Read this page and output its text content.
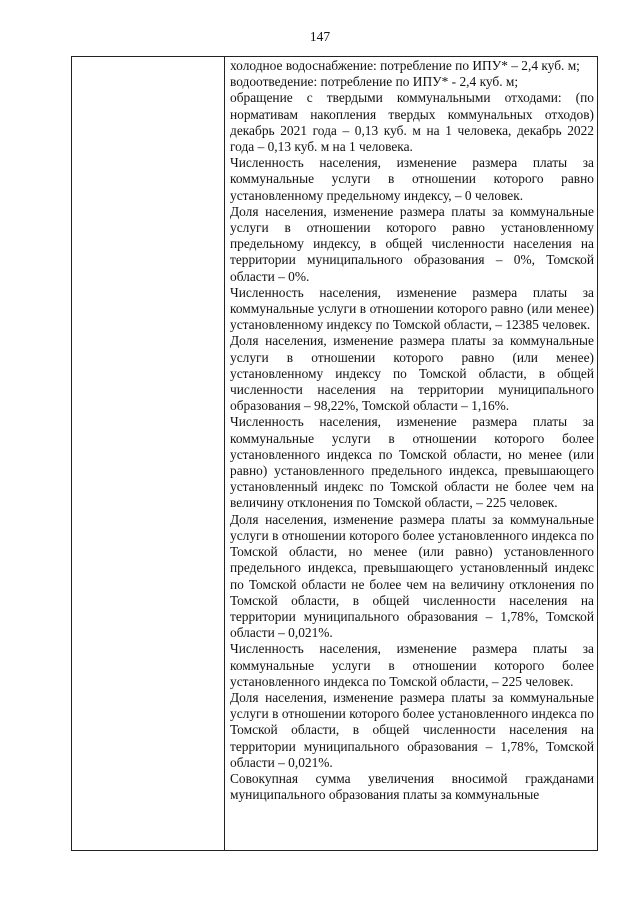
147

холодное водоснабжение: потребление по ИПУ* – 2,4 куб. м;

водоотведение: потребление по ИПУ* - 2,4 куб. м;

обращение с твердыми коммунальными отходами: (по нормативам накопления твердых коммунальных отходов) декабрь 2021 года – 0,13 куб. м на 1 человека, декабрь 2022 года – 0,13 куб. м на 1 человека.

Численность населения, изменение размера платы за коммунальные услуги в отношении которого равно установленному предельному индексу, – 0 человек.

Доля населения, изменение размера платы за коммунальные услуги в отношении которого равно установленному предельному индексу, в общей численности населения на территории муниципального образования – 0%, Томской области – 0%.

Численность населения, изменение размера платы за коммунальные услуги в отношении которого равно (или менее) установленному индексу по Томской области, – 12385 человек.

Доля населения, изменение размера платы за коммунальные услуги в отношении которого равно (или менее) установленному индексу по Томской области, в общей численности населения на территории муниципального образования – 98,22%, Томской области – 1,16%.

Численность населения, изменение размера платы за коммунальные услуги в отношении которого более установленного индекса по Томской области, но менее (или равно) установленного предельного индекса, превышающего установленный индекс по Томской области не более чем на величину отклонения по Томской области, – 225 человек.

Доля населения, изменение размера платы за коммунальные услуги в отношении которого более установленного индекса по Томской области, но менее (или равно) установленного предельного индекса, превышающего установленный индекс по Томской области не более чем на величину отклонения по Томской области, в общей численности населения на территории муниципального образования – 1,78%, Томской области – 0,021%.

Численность населения, изменение размера платы за коммунальные услуги в отношении которого более установленного индекса по Томской области, – 225 человек.

Доля населения, изменение размера платы за коммунальные услуги в отношении которого более установленного индекса по Томской области, в общей численности населения на территории муниципального образования – 1,78%, Томской области – 0,021%.

Совокупная сумма увеличения вносимой гражданами муниципального образования платы за коммунальные
